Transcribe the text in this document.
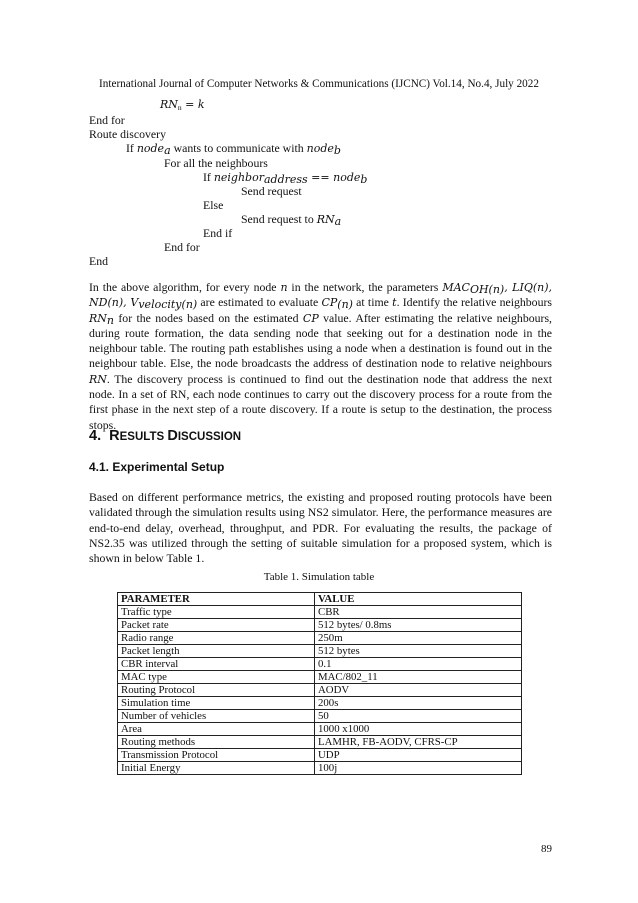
International Journal of Computer Networks & Communications (IJCNC) Vol.14, No.4, July 2022
$RN_n = k$
End for
Route discovery
If node$_a$ wants to communicate with node$_b$
For all the neighbours
If neighbor$_{address}$ == node$_b$
Send request
Else
Send request to $RN_a$
End if
End for
End

In the above algorithm, for every node n in the network, the parameters $MAC_{OH(n)}$, LIQ(n), ND(n), $V_{velocity(n)}$ are estimated to evaluate $CP_{(n)}$ at time t. Identify the relative neighbours $RN_n$ for the nodes based on the estimated CP value. After estimating the relative neighbours, during route formation, the data sending node that seeking out for a destination node in the neighbour table. The routing path establishes using a node when a destination is found out in the neighbour table. Else, the node broadcasts the address of destination node to relative neighbours RN. The discovery process is continued to find out the destination node that address the next node. In a set of RN, each node continues to carry out the discovery process for a route from the first phase in the next step of a route discovery. If a route is setup to the destination, the process stops.

4. RESULTS DISCUSSION
4.1. Experimental Setup

Based on different performance metrics, the existing and proposed routing protocols have been validated through the simulation results using NS2 simulator. Here, the performance measures are end-to-end delay, overhead, throughput, and PDR. For evaluating the results, the package of NS2.35 was utilized through the setting of suitable simulation for a proposed system, which is shown in below Table 1.

Table 1. Simulation table
PARAMETER	VALUE
Traffic type	CBR
Packet rate	512 bytes/ 0.8ms
Radio range	250m
Packet length	512 bytes
CBR interval	0.1
MAC type	MAC/802_11
Routing Protocol	AODV
Simulation time	200s
Number of vehicles	50
Area	1000 x1000
Routing methods	LAMHR, FB-AODV, CFRS-CP
Transmission Protocol	UDP
Initial Energy	100j
89
